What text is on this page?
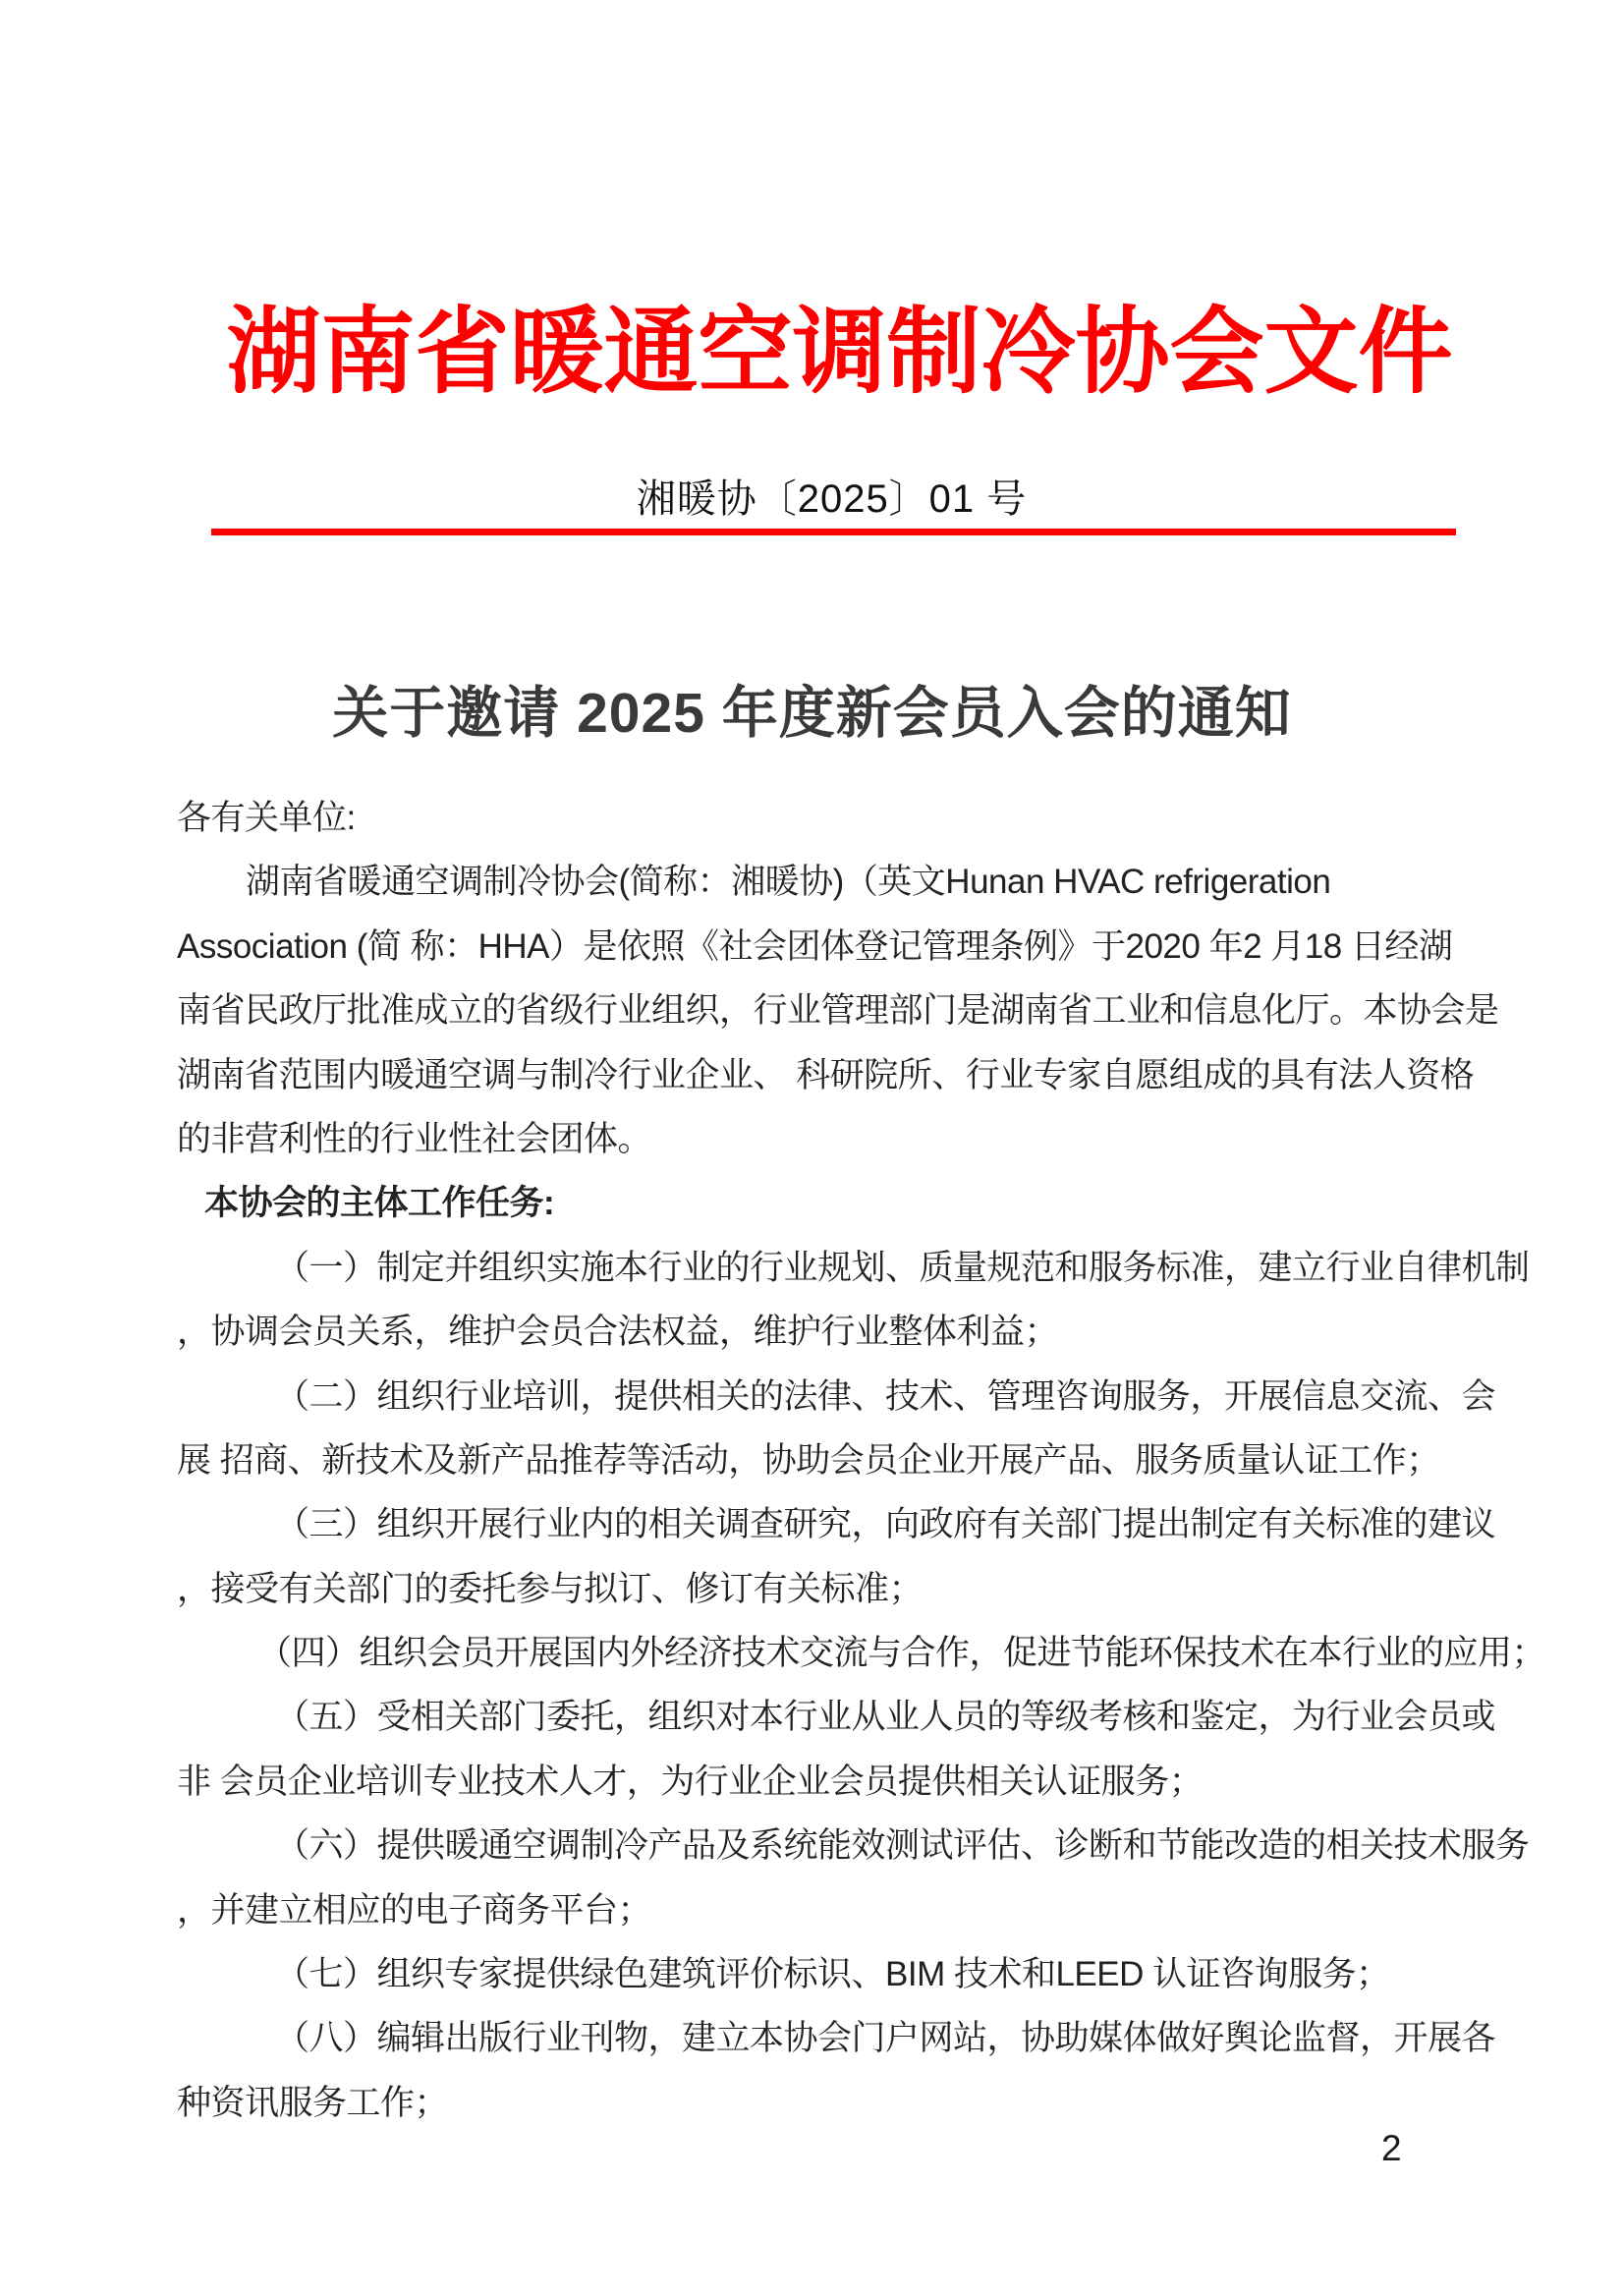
湖南省暖通空调制冷协会文件
湘暖协〔2025〕01 号
关于邀请 2025 年度新会员入会的通知
各有关单位:
湖南省暖通空调制冷协会(简称：湘暖协)（英文Hunan HVAC refrigeration
Association (简 称：HHA）是依照《社会团体登记管理条例》于2020 年2 月18 日经湖
南省民政厅批准成立的省级行业组织，行业管理部门是湖南省工业和信息化厅。本协会是
湖南省范围内暖通空调与制冷行业企业、 科研院所、行业专家自愿组成的具有法人资格
的非营利性的行业性社会团体。
本协会的主体工作任务:
（一）制定并组织实施本行业的行业规划、质量规范和服务标准，建立行业自律机制
，协调会员关系，维护会员合法权益，维护行业整体利益；
（二）组织行业培训，提供相关的法律、技术、管理咨询服务，开展信息交流、会
展 招商、新技术及新产品推荐等活动，协助会员企业开展产品、服务质量认证工作；
（三）组织开展行业内的相关调查研究，向政府有关部门提出制定有关标准的建议
，接受有关部门的委托参与拟订、修订有关标准；
（四）组织会员开展国内外经济技术交流与合作，促进节能环保技术在本行业的应用；
（五）受相关部门委托，组织对本行业从业人员的等级考核和鉴定，为行业会员或
非 会员企业培训专业技术人才，为行业企业会员提供相关认证服务；
（六）提供暖通空调制冷产品及系统能效测试评估、诊断和节能改造的相关技术服务
，并建立相应的电子商务平台；
（七）组织专家提供绿色建筑评价标识、BIM 技术和LEED 认证咨询服务；
（八）编辑出版行业刊物，建立本协会门户网站，协助媒体做好舆论监督，开展各
种资讯服务工作；
2
